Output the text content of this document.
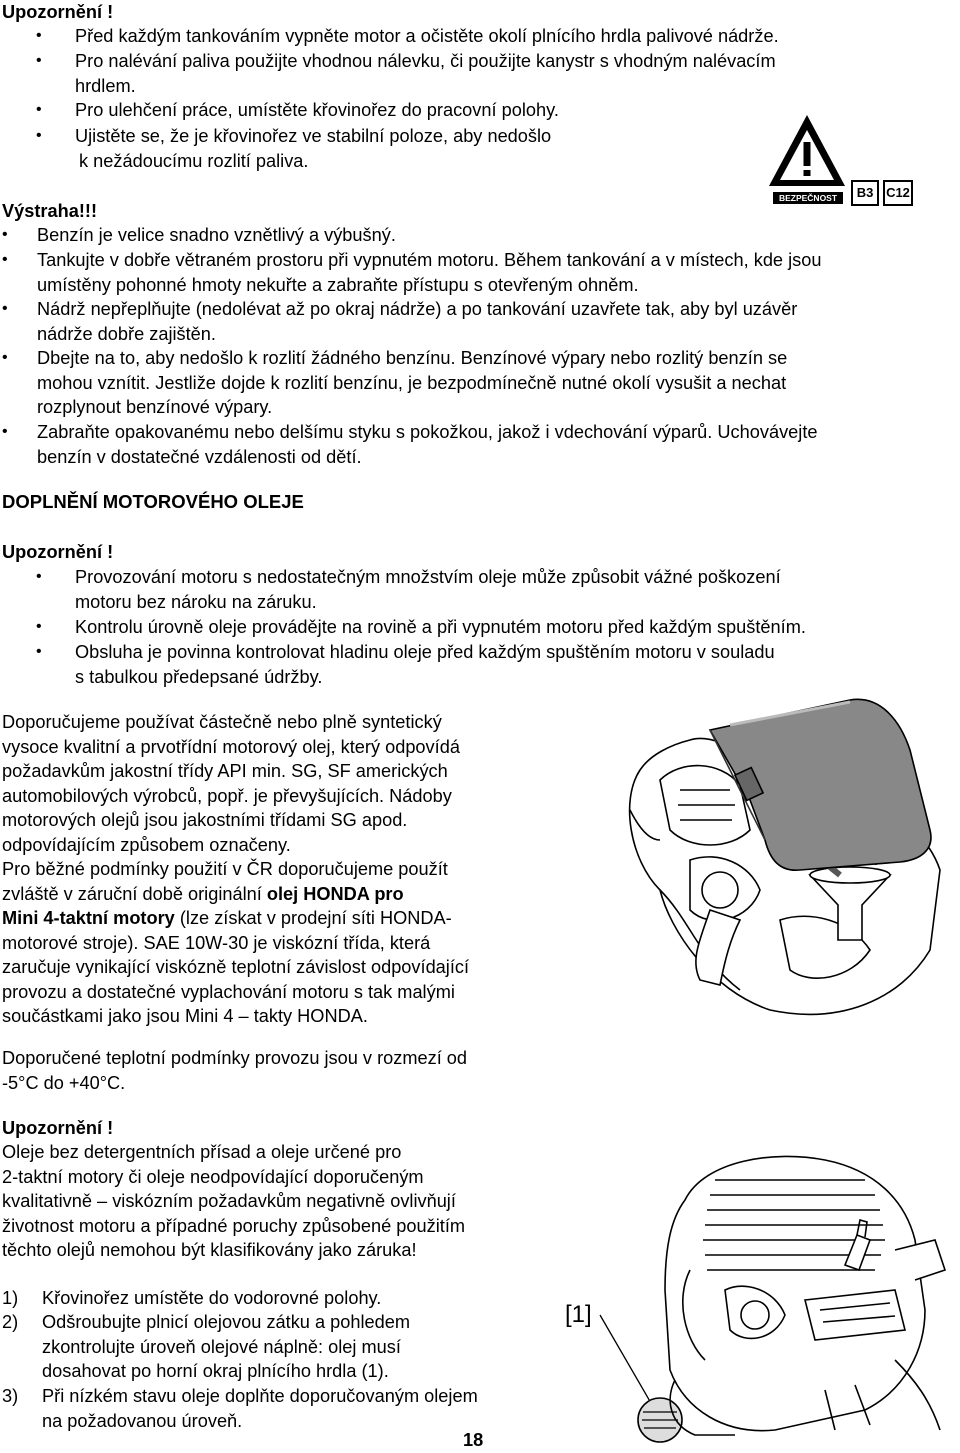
Upozornění !
• Před každým tankováním vypněte motor a očistěte okolí plnícího hrdla palivové nádrže.
• Pro nalévání paliva použijte vhodnou nálevku, či použijte kanystr s vhodným nalévacím
hrdlem.
• Pro ulehčení práce, umístěte křovinořez do pracovní polohy.
• Ujistěte se, že je křovinořez ve stabilní poloze, aby nedošlo
k nežádoucímu rozlití paliva.
BEZPEČNOST	B3 C12
Výstraha!!!
• Benzín je velice snadno vznětlivý a výbušný.
• Tankujte v dobře větraném prostoru při vypnutém motoru. Během tankování a v místech, kde jsou
umístěny pohonné hmoty nekuřte a zabraňte přístupu s otevřeným ohněm.
• Nádrž nepřeplňujte (nedolévat až po okraj nádrže) a po tankování uzavřete tak, aby byl uzávěr
nádrže dobře zajištěn.
• Dbejte na to, aby nedošlo k rozlití žádného benzínu. Benzínové výpary nebo rozlitý benzín se
mohou vznítit. Jestliže dojde k rozlití benzínu, je bezpodmínečně nutné okolí vysušit a nechat
rozplynout benzínové výpary.
• Zabraňte opakovanému nebo delšímu styku s pokožkou, jakož i vdechování výparů. Uchovávejte
benzín v dostatečné vzdálenosti od dětí.
DOPLNĚNÍ MOTOROVÉHO OLEJE
Upozornění !
• Provozování motoru s nedostatečným množstvím oleje může způsobit vážné poškození
motoru bez nároku na záruku.
• Kontrolu úrovně oleje provádějte na rovině a při vypnutém motoru před každým spuštěním.
• Obsluha je povinna kontrolovat hladinu oleje před každým spuštěním motoru v souladu
s tabulkou předepsané údržby.
Doporučujeme používat částečně nebo plně syntetický
vysoce kvalitní a prvotřídní motorový olej, který odpovídá
požadavkům jakostní třídy API min. SG, SF amerických
automobilových výrobců, popř. je převyšujících. Nádoby
motorových olejů jsou jakostními třídami SG apod.
odpovídajícím způsobem označeny.
Pro běžné podmínky použití v ČR doporučujeme použít
zvláště v záruční době originální olej HONDA pro
Mini 4-taktní motory (lze získat v prodejní síti HONDA-
motorové stroje). SAE 10W-30 je viskózní třída, která
zaručuje vynikající viskózně teplotní závislost odpovídající
provozu a dostatečné vyplachování motoru s tak malými
součástkami jako jsou Mini 4 – takty HONDA.
Doporučené teplotní podmínky provozu jsou v rozmezí od
-5°C do +40°C.
Upozornění !
Oleje bez detergentních přísad a oleje určené pro
2-taktní motory či oleje neodpovídající doporučeným
kvalitativně – viskózním požadavkům negativně ovlivňují
životnost motoru a případné poruchy způsobené použitím
těchto olejů nemohou být klasifikovány jako záruka!
1) Křovinořez umístěte do vodorovné polohy.
2) Odšroubujte plnicí olejovou zátku a pohledem
zkontrolujte úroveň olejové náplně: olej musí
dosahovat po horní okraj plnícího hrdla (1).
3) Při nízkém stavu oleje doplňte doporučovaným olejem
na požadovanou úroveň.
[1]
18
